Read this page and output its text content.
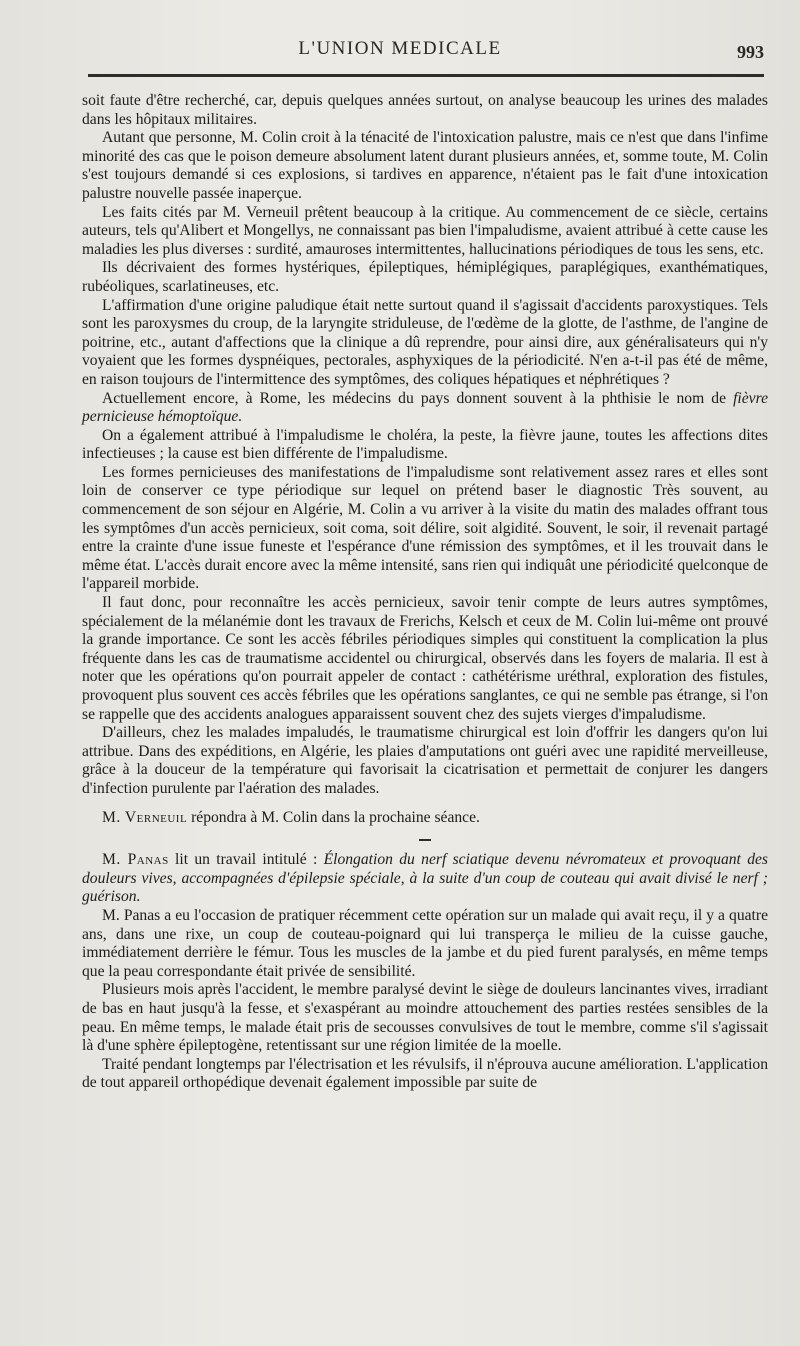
L'UNION MEDICALE	993

soit faute d'être recherché, car, depuis quelques années surtout, on analyse beaucoup les urines des malades dans les hôpitaux militaires.

Autant que personne, M. Colin croit à la ténacité de l'intoxication palustre, mais ce n'est que dans l'infime minorité des cas que le poison demeure absolument latent durant plusieurs années, et, somme toute, M. Colin s'est toujours demandé si ces explosions, si tardives en apparence, n'étaient pas le fait d'une intoxication palustre nouvelle passée inaperçue.

Les faits cités par M. Verneuil prêtent beaucoup à la critique. Au commencement de ce siècle, certains auteurs, tels qu'Alibert et Mongellys, ne connaissant pas bien l'impaludisme, avaient attribué à cette cause les maladies les plus diverses : surdité, amauroses intermittentes, hallucinations périodiques de tous les sens, etc.

Ils décrivaient des formes hystériques, épileptiques, hémiplégiques, paraplégiques, exanthématiques, rubéoliques, scarlatineuses, etc.

L'affirmation d'une origine paludique était nette surtout quand il s'agissait d'accidents paroxystiques. Tels sont les paroxysmes du croup, de la laryngite striduleuse, de l'œdème de la glotte, de l'asthme, de l'angine de poitrine, etc., autant d'affections que la clinique a dû reprendre, pour ainsi dire, aux généralisateurs qui n'y voyaient que les formes dyspnéiques, pectorales, asphyxiques de la périodicité. N'en a-t-il pas été de même, en raison toujours de l'intermittence des symptômes, des coliques hépatiques et néphrétiques ?

Actuellement encore, à Rome, les médecins du pays donnent souvent à la phthisie le nom de fièvre pernicieuse hémoptoïque.

On a également attribué à l'impaludisme le choléra, la peste, la fièvre jaune, toutes les affections dites infectieuses ; la cause est bien différente de l'impaludisme.

Les formes pernicieuses des manifestations de l'impaludisme sont relativement assez rares et elles sont loin de conserver ce type périodique sur lequel on prétend baser le diagnostic Très souvent, au commencement de son séjour en Algérie, M. Colin a vu arriver à la visite du matin des malades offrant tous les symptômes d'un accès pernicieux, soit coma, soit délire, soit algidité. Souvent, le soir, il revenait partagé entre la crainte d'une issue funeste et l'espérance d'une rémission des symptômes, et il les trouvait dans le même état. L'accès durait encore avec la même intensité, sans rien qui indiquât une périodicité quelconque de l'appareil morbide.

Il faut donc, pour reconnaître les accès pernicieux, savoir tenir compte de leurs autres symptômes, spécialement de la mélanémie dont les travaux de Frerichs, Kelsch et ceux de M. Colin lui-même ont prouvé la grande importance. Ce sont les accès fébriles périodiques simples qui constituent la complication la plus fréquente dans les cas de traumatisme accidentel ou chirurgical, observés dans les foyers de malaria. Il est à noter que les opérations qu'on pourrait appeler de contact : cathétérisme uréthral, exploration des fistules, provoquent plus souvent ces accès fébriles que les opérations sanglantes, ce qui ne semble pas étrange, si l'on se rappelle que des accidents analogues apparaissent souvent chez des sujets vierges d'impaludisme.

D'ailleurs, chez les malades impaludés, le traumatisme chirurgical est loin d'offrir les dangers qu'on lui attribue. Dans des expéditions, en Algérie, les plaies d'amputations ont guéri avec une rapidité merveilleuse, grâce à la douceur de la température qui favorisait la cicatrisation et permettait de conjurer les dangers d'infection purulente par l'aération des malades.

M. Verneuil répondra à M. Colin dans la prochaine séance.

M. Panas lit un travail intitulé : Élongation du nerf sciatique devenu névromateux et provoquant des douleurs vives, accompagnées d'épilepsie spéciale, à la suite d'un coup de couteau qui avait divisé le nerf ; guérison.

M. Panas a eu l'occasion de pratiquer récemment cette opération sur un malade qui avait reçu, il y a quatre ans, dans une rixe, un coup de couteau-poignard qui lui transperça le milieu de la cuisse gauche, immédiatement derrière le fémur. Tous les muscles de la jambe et du pied furent paralysés, en même temps que la peau correspondante était privée de sensibilité.

Plusieurs mois après l'accident, le membre paralysé devint le siège de douleurs lancinantes vives, irradiant de bas en haut jusqu'à la fesse, et s'exaspérant au moindre attouchement des parties restées sensibles de la peau. En même temps, le malade était pris de secousses convulsives de tout le membre, comme s'il s'agissait là d'une sphère épileptogène, retentissant sur une région limitée de la moelle.

Traité pendant longtemps par l'électrisation et les révulsifs, il n'éprouva aucune amélioration. L'application de tout appareil orthopédique devenait également impossible par suite de
